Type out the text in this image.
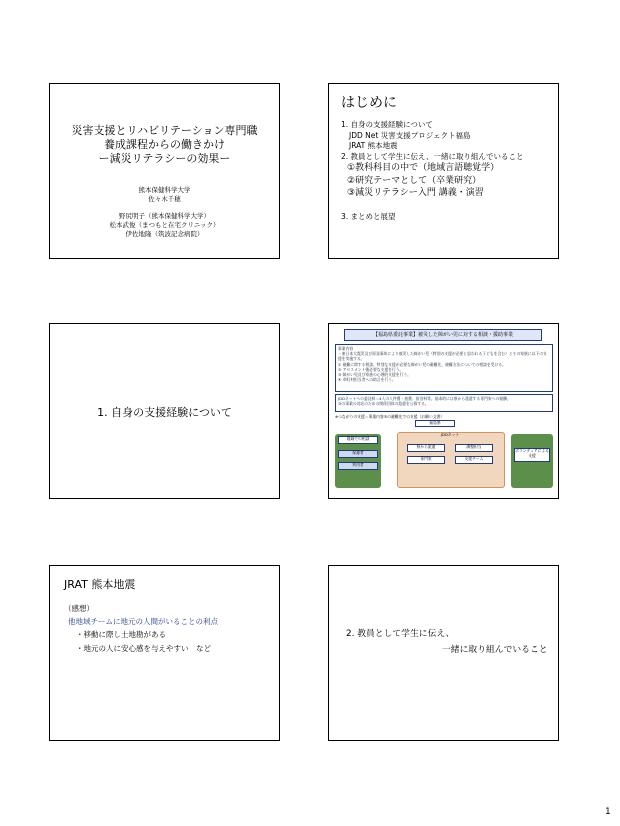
災害支援とリハビリテーション専門職
養成課程からの働きかけ
ー減災リテラシーの効果ー
熊本保健科学大学
佐々木千穂
野尻明子（熊本保健科学大学）
松本武俊（まつもと在宅クリニック）
伊佐地隆（筑波記念病院）
はじめに
1. 自身の支援経験について
JDD Net 災害支援プロジェクト福島
JRAT 熊本地震
2. 教員として学生に伝え、一緒に取り組んでいること
①教科科目の中で（地域言語聴覚学）
②研究テーマとして（卒業研究）
③減災リテラシー入門 講義・演習
3. まとめと展望
1. 自身の支援経験について
【福島県委託事業】被災した障がい児に対する相談・援助事業
事業内容
・東日本大震災及び原発事故により被災した障がい児（特別の支援が必要と思われる子どもを含む）とその家族に以下の支援を実施する。
① 避難に関する相談、特別な支援が必要な障がい児の避難先、避難方法についての相談を受ける。
② アセスメント後必要な支援を行う。
③ 障がい児及び家族の心理的支援を行う。
④ 市町村担当者への助言を行う。
JDDネットへの委託料＝4人の人件費・旅費、宿泊料等。基本的には県から派遣する専門家への報酬。
③の事業の対応のための関係団体の派遣を公募する。
※つながりの支援＝事業内容③の避難先での支援（お願い文書）
福島県
JDDネット
地域での相談
保護者
利用者
県から派遣
専門家
調整担当
支援チーム
ボランティアによる支援
JRAT 熊本地震
（感想）
他地域チームに地元の人間がいることの利点
・移動に際し土地勘がある
・地元の人に安心感を与えやすい　など
2. 教員として学生に伝え、
一緒に取り組んでいること
1
